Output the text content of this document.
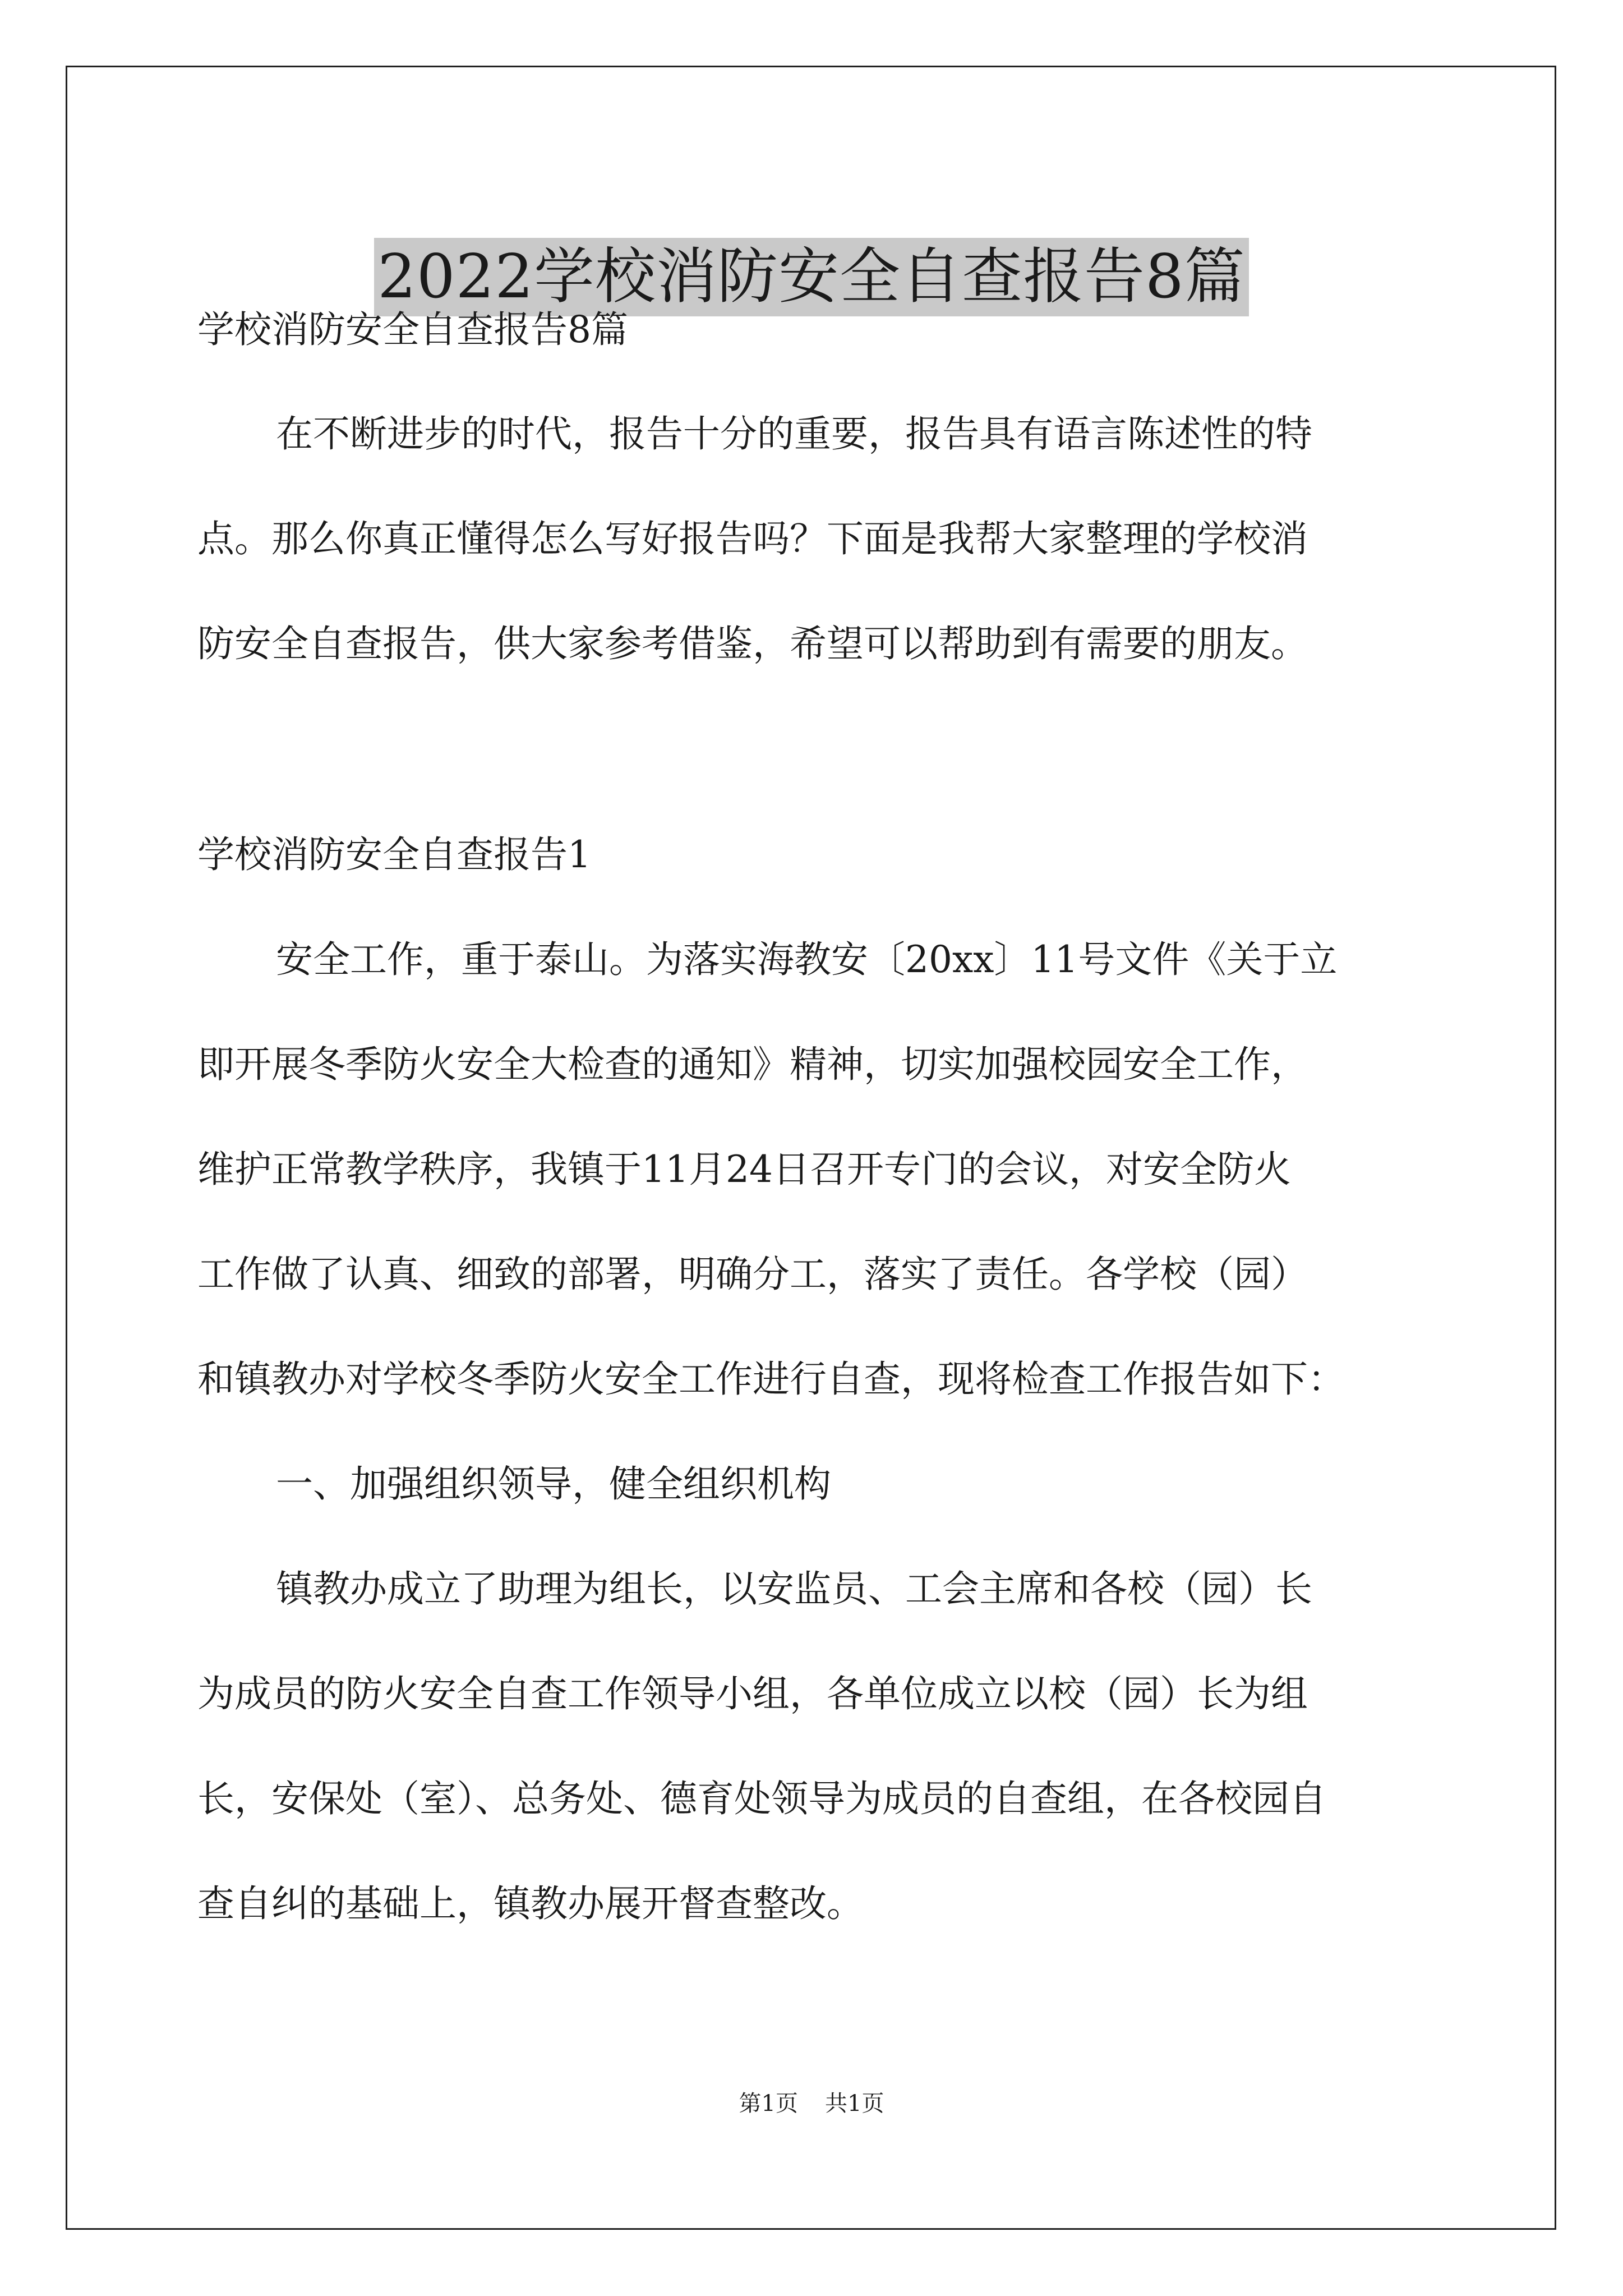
2022学校消防安全自查报告8篇

学校消防安全自查报告8篇

在不断进步的时代，报告十分的重要，报告具有语言陈述性的特

点。那么你真正懂得怎么写好报告吗？下面是我帮大家整理的学校消

防安全自查报告，供大家参考借鉴，希望可以帮助到有需要的朋友。

学校消防安全自查报告1

安全工作，重于泰山。为落实海教安〔20xx〕11号文件《关于立

即开展冬季防火安全大检查的通知》精神，切实加强校园安全工作，

维护正常教学秩序，我镇于11月24日召开专门的会议，对安全防火

工作做了认真、细致的部署，明确分工，落实了责任。各学校（园）

和镇教办对学校冬季防火安全工作进行自查，现将检查工作报告如下：

一、加强组织领导，健全组织机构

镇教办成立了助理为组长，以安监员、工会主席和各校（园）长

为成员的防火安全自查工作领导小组，各单位成立以校（园）长为组

长，安保处（室）、总务处、德育处领导为成员的自查组，在各校园自

查自纠的基础上，镇教办展开督查整改。

第1页 共1页
